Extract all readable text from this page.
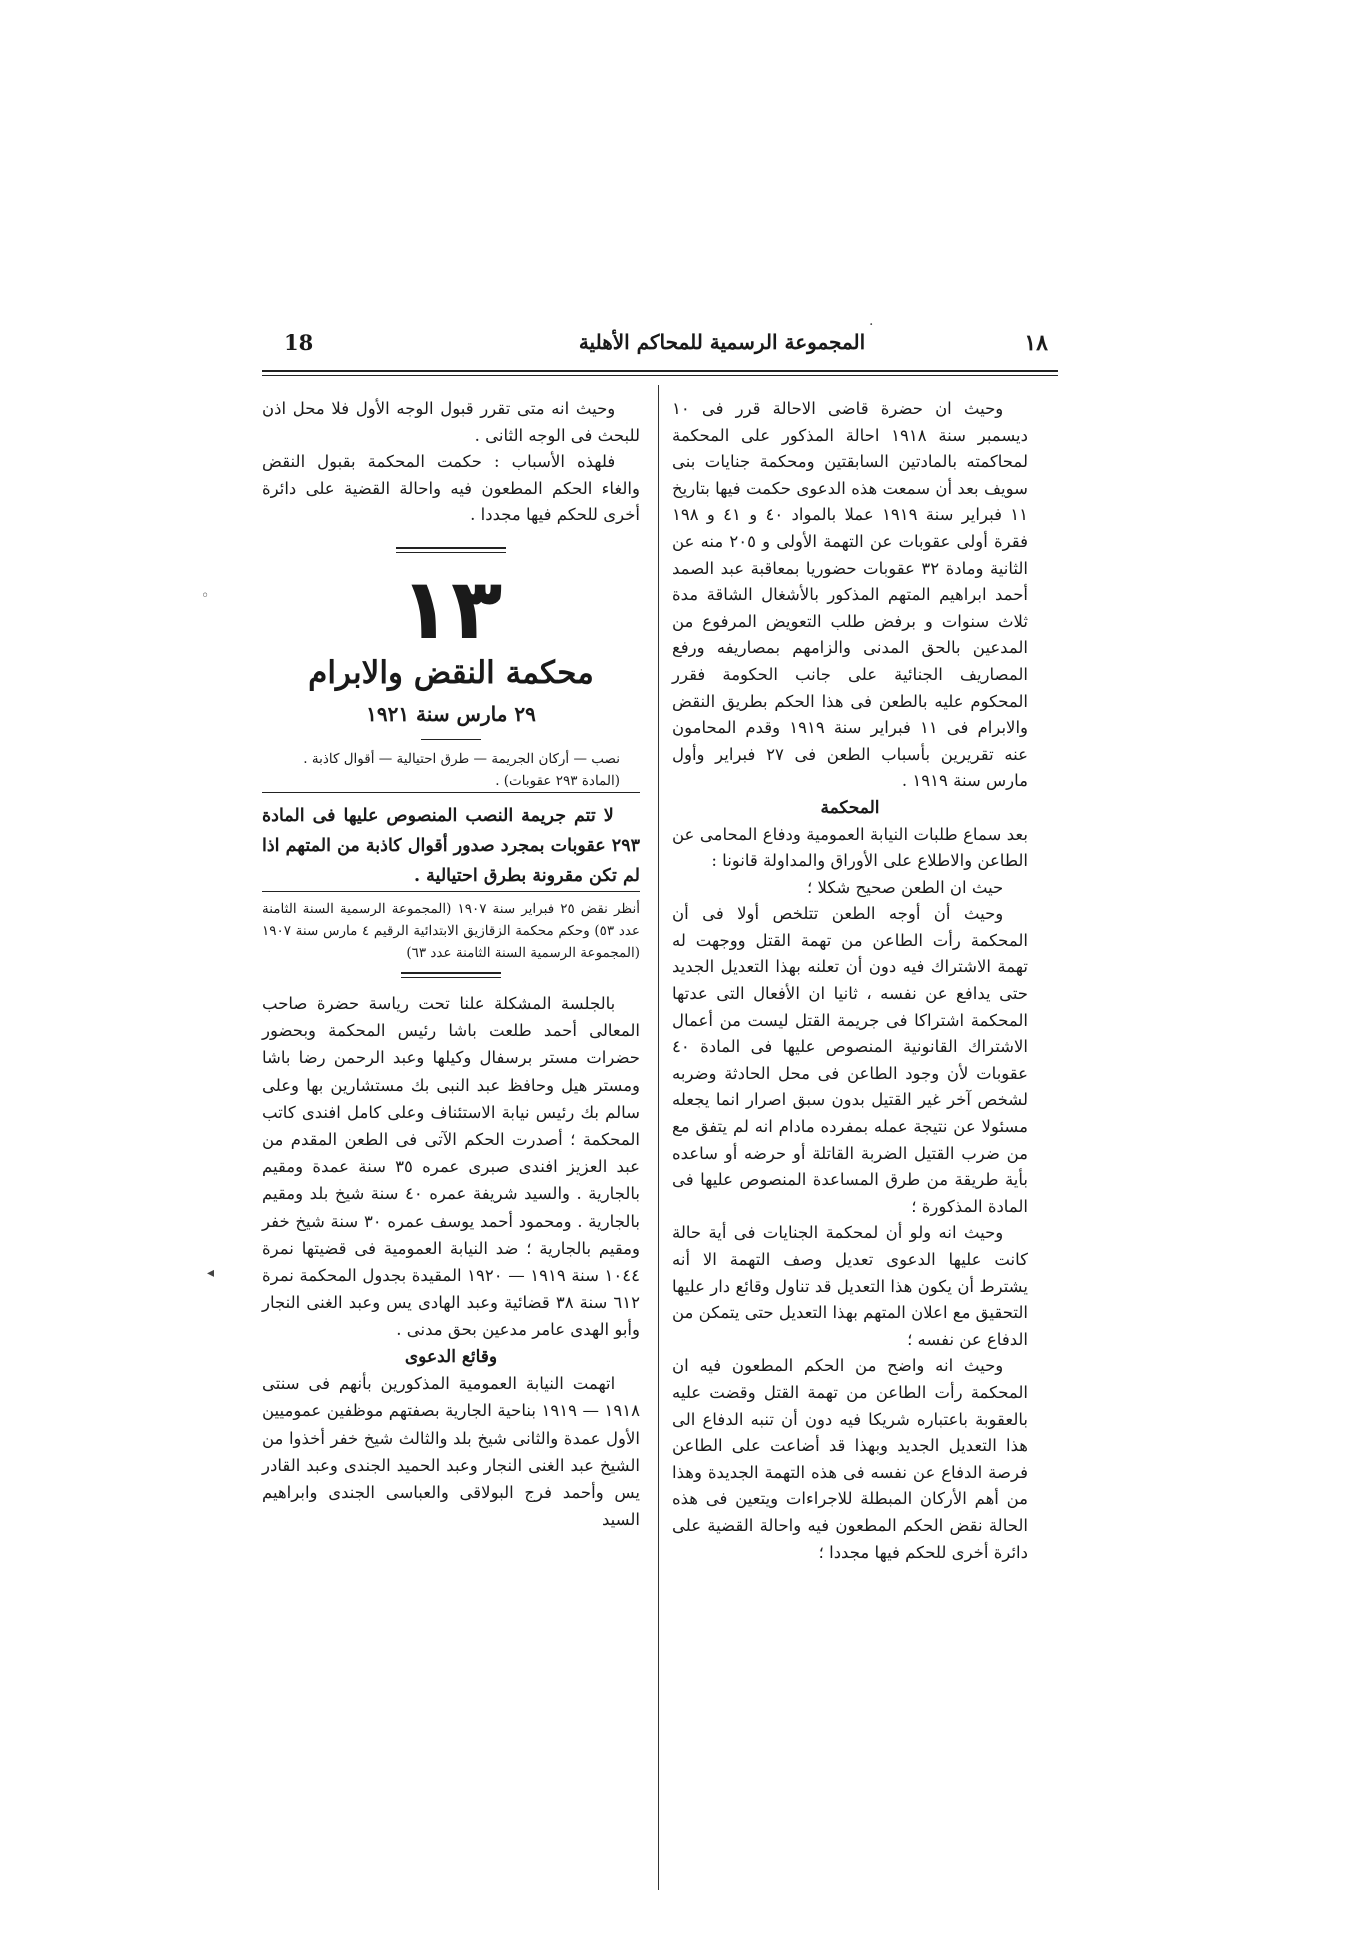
18	المجموعة الرسمية للمحاكم الأهلية	١٨

وحيث ان حضرة قاضى الاحالة قرر فى ١٠ ديسمبر سنة ١٩١٨ احالة المذكور على المحكمة لمحاكمته بالمادتين السابقتين ومحكمة جنايات بنى سويف بعد أن سمعت هذه الدعوى حكمت فيها بتاريخ ١١ فبراير سنة ١٩١٩ عملا بالمواد ٤٠ و ٤١ و ١٩٨ فقرة أولى عقوبات عن التهمة الأولى و ٢٠٥ منه عن الثانية ومادة ٣٢ عقوبات حضوريا بمعاقبة عبد الصمد أحمد ابراهيم المتهم المذكور بالأشغال الشاقة مدة ثلاث سنوات و برفض طلب التعويض المرفوع من المدعين بالحق المدنى والزامهم بمصاريفه ورفع المصاريف الجنائية على جانب الحكومة فقرر المحكوم عليه بالطعن فى هذا الحكم بطريق النقض والابرام فى ١١ فبراير سنة ١٩١٩ وقدم المحامون عنه تقريرين بأسباب الطعن فى ٢٧ فبراير وأول مارس سنة ١٩١٩ .

المحكمة

بعد سماع طلبات النيابة العمومية ودفاع المحامى عن الطاعن والاطلاع على الأوراق والمداولة قانونا :

حيث ان الطعن صحيح شكلا ؛

وحيث أن أوجه الطعن تتلخص أولا فى أن المحكمة رأت الطاعن من تهمة القتل ووجهت له تهمة الاشتراك فيه دون أن تعلنه بهذا التعديل الجديد حتى يدافع عن نفسه ، ثانيا ان الأفعال التى عدتها المحكمة اشتراكا فى جريمة القتل ليست من أعمال الاشتراك القانونية المنصوص عليها فى المادة ٤٠ عقوبات لأن وجود الطاعن فى محل الحادثة وضربه لشخص آخر غير القتيل بدون سبق اصرار انما يجعله مسئولا عن نتيجة عمله بمفرده مادام انه لم يتفق مع من ضرب القتيل الضربة القاتلة أو حرضه أو ساعده بأية طريقة من طرق المساعدة المنصوص عليها فى المادة المذكورة ؛

وحيث انه ولو أن لمحكمة الجنايات فى أية حالة كانت عليها الدعوى تعديل وصف التهمة الا أنه يشترط أن يكون هذا التعديل قد تناول وقائع دار عليها التحقيق مع اعلان المتهم بهذا التعديل حتى يتمكن من الدفاع عن نفسه ؛

وحيث انه واضح من الحكم المطعون فيه ان المحكمة رأت الطاعن من تهمة القتل وقضت عليه بالعقوبة باعتباره شريكا فيه دون أن تنبه الدفاع الى هذا التعديل الجديد وبهذا قد أضاعت على الطاعن فرصة الدفاع عن نفسه فى هذه التهمة الجديدة وهذا من أهم الأركان المبطلة للاجراءات ويتعين فى هذه الحالة نقض الحكم المطعون فيه واحالة القضية على دائرة أخرى للحكم فيها مجددا ؛

وحيث انه متى تقرر قبول الوجه الأول فلا محل اذن للبحث فى الوجه الثانى .

فلهذه الأسباب : حكمت المحكمة بقبول النقض والغاء الحكم المطعون فيه واحالة القضية على دائرة أخرى للحكم فيها مجددا .

١٣
محكمة النقض والابرام
٢٩ مارس سنة ١٩٢١
نصب — أركان الجريمة — طرق احتيالية — أقوال كاذبة .
(المادة ٢٩٣ عقوبات) .

لا تتم جريمة النصب المنصوص عليها فى المادة ٢٩٣ عقوبات بمجرد صدور أقوال كاذبة من المتهم اذا لم تكن مقرونة بطرق احتيالية .

أنظر نقض ٢٥ فبراير سنة ١٩٠٧ (المجموعة الرسمية السنة الثامنة عدد ٥٣) وحكم محكمة الزقازيق الابتدائية الرقيم ٤ مارس سنة ١٩٠٧ (المجموعة الرسمية السنة الثامنة عدد ٦٣)

بالجلسة المشكلة علنا تحت رياسة حضرة صاحب المعالى أحمد طلعت باشا رئيس المحكمة وبحضور حضرات مستر برسفال وكيلها وعبد الرحمن رضا باشا ومستر هيل وحافظ عبد النبى بك مستشارين بها وعلى سالم بك رئيس نيابة الاستئناف وعلى كامل افندى كاتب المحكمة ؛ أصدرت الحكم الآتى فى الطعن المقدم من عبد العزيز افندى صبرى عمره ٣٥ سنة عمدة ومقيم بالجارية . والسيد شريفة عمره ٤٠ سنة شيخ بلد ومقيم بالجارية . ومحمود أحمد يوسف عمره ٣٠ سنة شيخ خفر ومقيم بالجارية ؛ ضد النيابة العمومية فى قضيتها نمرة ١٠٤٤ سنة ١٩١٩ — ١٩٢٠ المقيدة بجدول المحكمة نمرة ٦١٢ سنة ٣٨ قضائية وعبد الهادى يس وعبد الغنى النجار وأبو الهدى عامر مدعين بحق مدنى .

وقائع الدعوى

اتهمت النيابة العمومية المذكورين بأنهم فى سنتى ١٩١٨ — ١٩١٩ بناحية الجارية بصفتهم موظفين عموميين الأول عمدة والثانى شيخ بلد والثالث شيخ خفر أخذوا من الشيخ عبد الغنى النجار وعبد الحميد الجندى وعبد القادر يس وأحمد فرج البولاقى والعباسى الجندى وابراهيم السيد

◦
◂
·
